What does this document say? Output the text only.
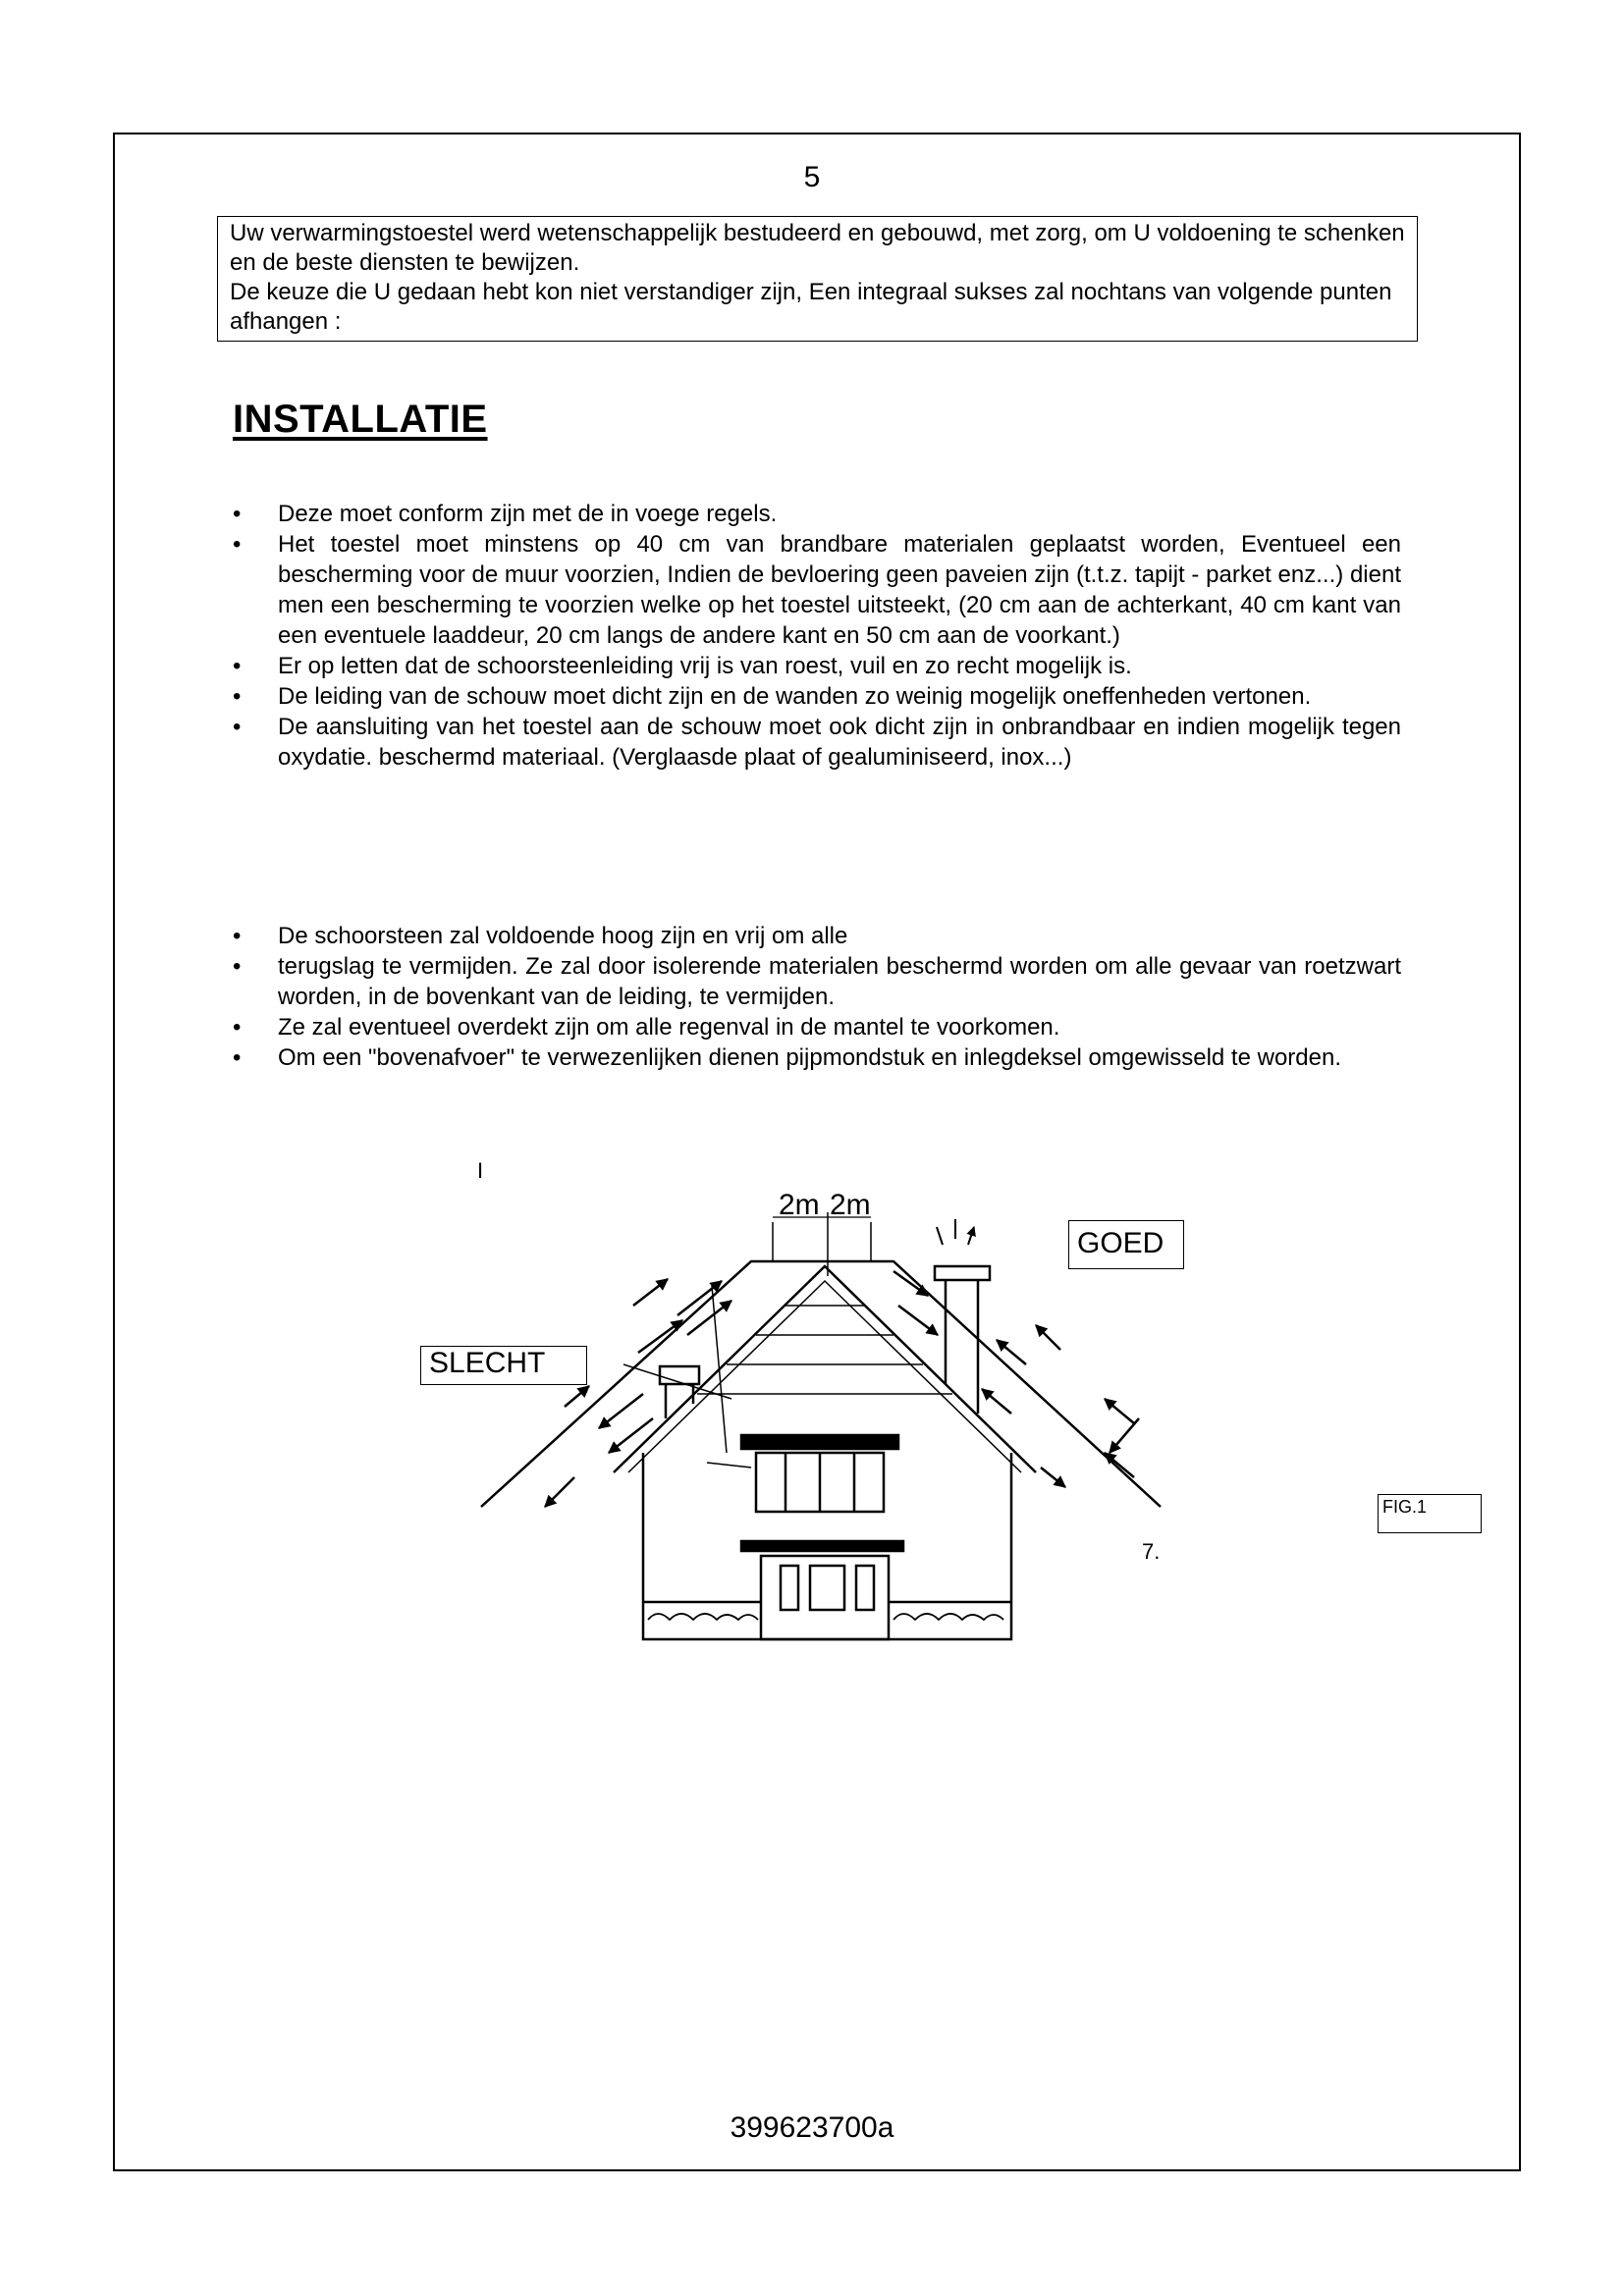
5

Uw verwarmingstoestel werd wetenschappelijk bestudeerd en gebouwd, met zorg, om U voldoening te schenken en de beste diensten te bewijzen.

De keuze die U gedaan hebt kon niet verstandiger zijn, Een integraal sukses zal nochtans van volgende punten afhangen :

INSTALLATIE
• Deze moet conform zijn met de in voege regels.
• Het toestel moet minstens op 40 cm van brandbare materialen geplaatst worden, Eventueel een bescherming voor de muur voorzien, Indien de bevloering geen paveien zijn (t.t.z. tapijt - parket enz...) dient men een bescherming te voorzien welke op het toestel uitsteekt, (20 cm aan de achterkant, 40 cm kant van een eventuele laaddeur, 20 cm langs de andere kant en 50 cm aan de voorkant.)
• Er op letten dat de schoorsteenleiding vrij is van roest, vuil en zo recht mogelijk is.
• De leiding van de schouw moet dicht zijn en de wanden zo weinig mogelijk oneffenheden vertonen.
• De aansluiting van het toestel aan de schouw moet ook dicht zijn in onbrandbaar en indien mogelijk tegen oxydatie. beschermd materiaal. (Verglaasde plaat of gealuminiseerd, inox...)
• De schoorsteen zal voldoende hoog zijn en vrij om alle
• terugslag te vermijden. Ze zal door isolerende materialen beschermd worden om alle gevaar van roetzwart worden, in de bovenkant van de leiding, te vermijden.
• Ze zal eventueel overdekt zijn om alle regenval in de mantel te voorkomen.
• Om een "bovenafvoer" te verwezenlijken dienen pijpmondstuk en inlegdeksel omgewisseld te worden.
I
2m 2m
SLECHT
GOED
FIG.1
7.
399623700a
